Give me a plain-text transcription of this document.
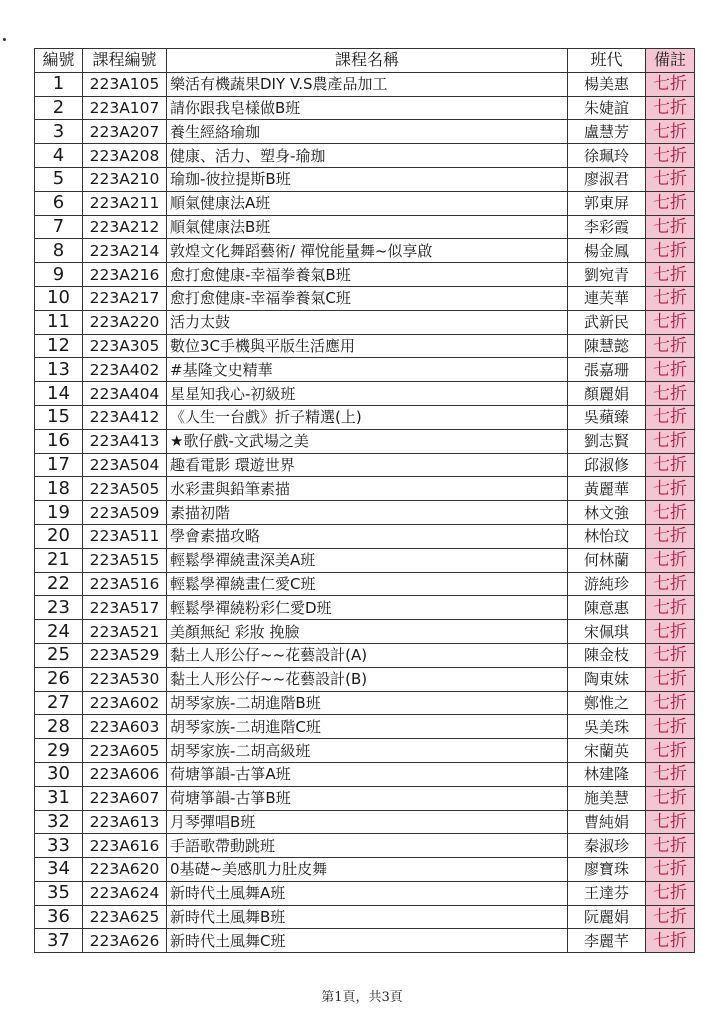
編號	課程編號	課程名稱	班代	備註
1	223A105	樂活有機蔬果DIY V.S農產品加工	楊美惠	七折
2	223A107	請你跟我皂樣做B班	朱婕誼	七折
3	223A207	養生經絡瑜珈	盧慧芳	七折
4	223A208	健康、活力、塑身-瑜珈	徐珮玲	七折
5	223A210	瑜珈-彼拉提斯B班	廖淑君	七折
6	223A211	順氣健康法A班	郭東屏	七折
7	223A212	順氣健康法B班	李彩霞	七折
8	223A214	敦煌文化舞蹈藝術/ 禪悅能量舞~似享啟	楊金鳳	七折
9	223A216	愈打愈健康-幸福拳養氣B班	劉宛青	七折
10	223A217	愈打愈健康-幸福拳養氣C班	連芙華	七折
11	223A220	活力太鼓	武新民	七折
12	223A305	數位3C手機與平版生活應用	陳慧懿	七折
13	223A402	#基隆文史精華	張嘉珊	七折
14	223A404	星星知我心-初級班	顏麗娟	七折
15	223A412	《人生一台戲》折子精選(上)	吳蘋臻	七折
16	223A413	★歌仔戲-文武場之美	劉志賢	七折
17	223A504	趣看電影 環遊世界	邱淑修	七折
18	223A505	水彩畫與鉛筆素描	黃麗華	七折
19	223A509	素描初階	林文強	七折
20	223A511	學會素描攻略	林怡玟	七折
21	223A515	輕鬆學禪繞畫深美A班	何林蘭	七折
22	223A516	輕鬆學禪繞畫仁愛C班	游純珍	七折
23	223A517	輕鬆學禪繞粉彩仁愛D班	陳意惠	七折
24	223A521	美顏無紀 彩妝 挽臉	宋佩琪	七折
25	223A529	黏土人形公仔~~花藝設計(A)	陳金枝	七折
26	223A530	黏土人形公仔~~花藝設計(B)	陶東妹	七折
27	223A602	胡琴家族-二胡進階B班	鄭惟之	七折
28	223A603	胡琴家族-二胡進階C班	吳美珠	七折
29	223A605	胡琴家族-二胡高級班	宋蘭英	七折
30	223A606	荷塘箏韻-古箏A班	林建隆	七折
31	223A607	荷塘箏韻-古箏B班	施美慧	七折
32	223A613	月琴彈唱B班	曹純娟	七折
33	223A616	手語歌帶動跳班	秦淑珍	七折
34	223A620	0基礎~美感肌力肚皮舞	廖寶珠	七折
35	223A624	新時代土風舞A班	王達芬	七折
36	223A625	新時代土風舞B班	阮麗娟	七折
37	223A626	新時代土風舞C班	李麗芊	七折
第1頁，共3頁
